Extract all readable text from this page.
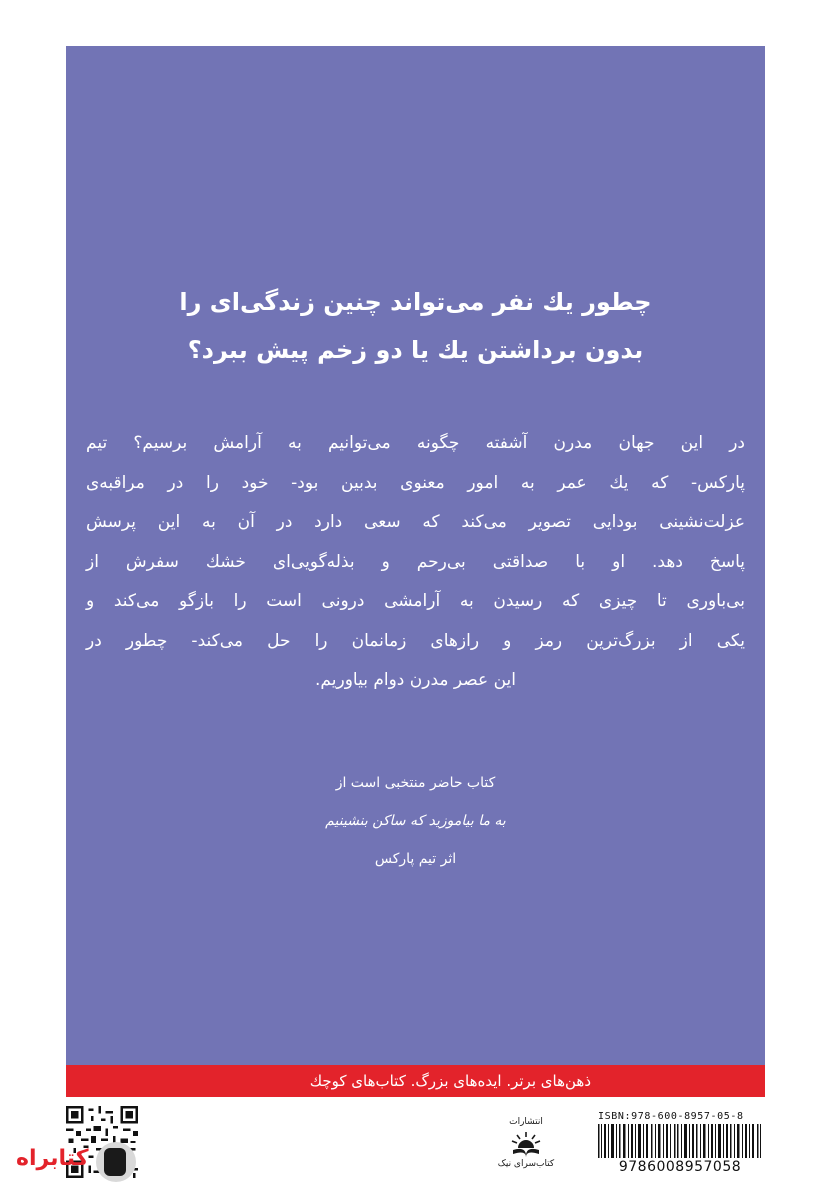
چطور یك نفر می‌تواند چنین زندگی‌ای را
بدون برداشتن یك یا دو زخم پیش ببرد؟
در این جهان مدرن آشفته چگونه می‌توانیم به آرامش برسیم؟ تیم
پارکس- که یك عمر به امور معنوی بدبین بود- خود را در مراقبه‌ی
عزلت‌نشینی بودایی تصویر می‌کند که سعی دارد در آن به این پرسش
پاسخ دهد. او با صداقتی بی‌رحم و بذله‌گویی‌ای خشك سفرش از
بی‌باوری تا چیزی که رسیدن به آرامشی درونی است را بازگو می‌کند و
یکی از بزرگ‌ترین رمز و رازهای زمانمان را حل می‌کند- چطور در
این عصر مدرن دوام بیاوریم.
کتاب حاضر منتخبی است از
به ما بیاموزید که ساکن بنشینیم
اثر تیم پارکس
ذهن‌های برتر. ایده‌های بزرگ. کتاب‌های کوچك
کتابراه
انتشارات
کتاب‌سرای نیک
ISBN:978-600-8957-05-8
9786008957058
